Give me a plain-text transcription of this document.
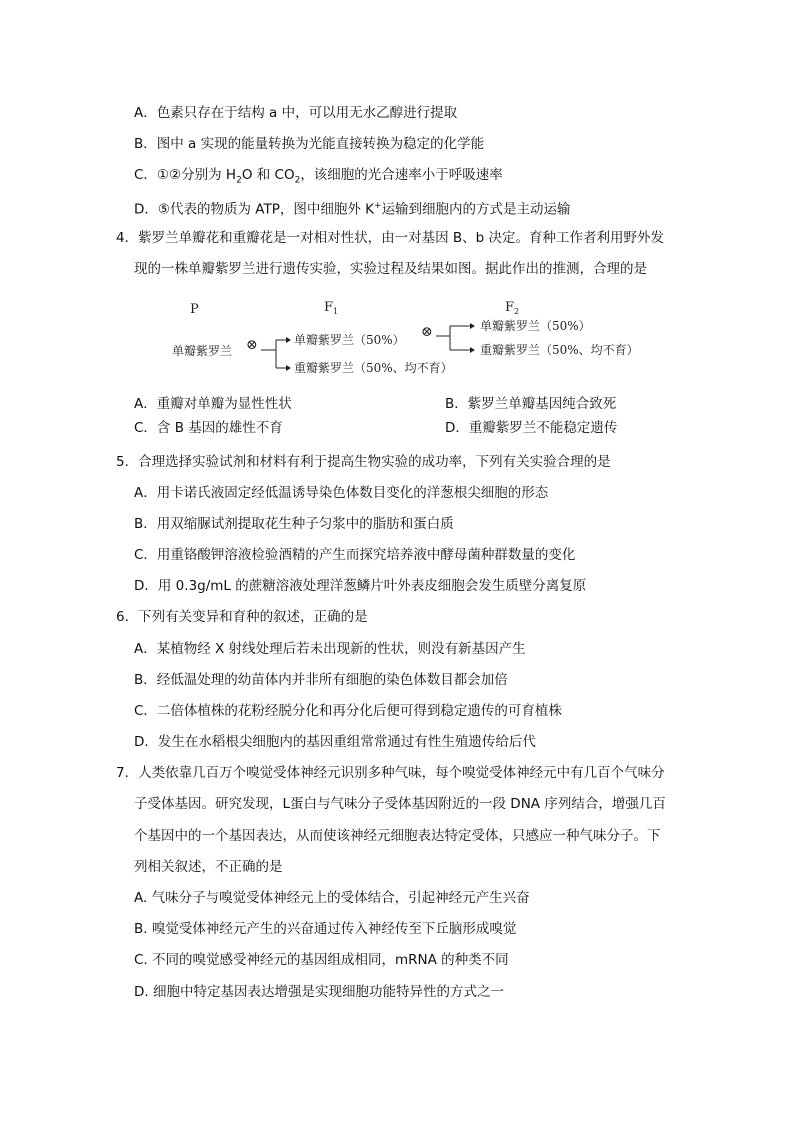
A．色素只存在于结构 a 中，可以用无水乙醇进行提取
B．图中 a 实现的能量转换为光能直接转换为稳定的化学能
C．①②分别为 $H_2O$ 和 $CO_2$，该细胞的光合速率小于呼吸速率
D．⑤代表的物质为 ATP，图中细胞外 K+运输到细胞内的方式是主动运输
4．紫罗兰单瓣花和重瓣花是一对相对性状，由一对基因 B、b 决定。育种工作者利用野外发
现的一株单瓣紫罗兰进行遗传实验，实验过程及结果如图。据此作出的推测，合理的是
P	$F_1$	$F_2$
单瓣紫罗兰 ⊗	单瓣紫罗兰（50%）
重瓣紫罗兰（50%、均不育）
⊗	单瓣紫罗兰（50%）
重瓣紫罗兰（50%、均不育）
A．重瓣对单瓣为显性性状	B．紫罗兰单瓣基因纯合致死
C．含 B 基因的雄性不育	D．重瓣紫罗兰不能稳定遗传
5．合理选择实验试剂和材料有利于提高生物实验的成功率，下列有关实验合理的是
A．用卡诺氏液固定经低温诱导染色体数目变化的洋葱根尖细胞的形态
B．用双缩脲试剂提取花生种子匀浆中的脂肪和蛋白质
C．用重铬酸钾溶液检验酒精的产生而探究培养液中酵母菌种群数量的变化
D．用 0.3g/mL 的蔗糖溶液处理洋葱鳞片叶外表皮细胞会发生质壁分离复原
6．下列有关变异和育种的叙述，正确的是
A．某植物经 X 射线处理后若未出现新的性状，则没有新基因产生
B．经低温处理的幼苗体内并非所有细胞的染色体数目都会加倍
C．二倍体植株的花粉经脱分化和再分化后便可得到稳定遗传的可育植株
D．发生在水稻根尖细胞内的基因重组常常通过有性生殖遗传给后代
7．人类依靠几百万个嗅觉受体神经元识别多种气味，每个嗅觉受体神经元中有几百个气味分
子受体基因。研究发现，L蛋白与气味分子受体基因附近的一段 DNA 序列结合，增强几百
个基因中的一个基因表达，从而使该神经元细胞表达特定受体，只感应一种气味分子。下
列相关叙述，不正确的是
A. 气味分子与嗅觉受体神经元上的受体结合，引起神经元产生兴奋
B. 嗅觉受体神经元产生的兴奋通过传入神经传至下丘脑形成嗅觉
C. 不同的嗅觉感受神经元的基因组成相同，mRNA 的种类不同
D. 细胞中特定基因表达增强是实现细胞功能特异性的方式之一
